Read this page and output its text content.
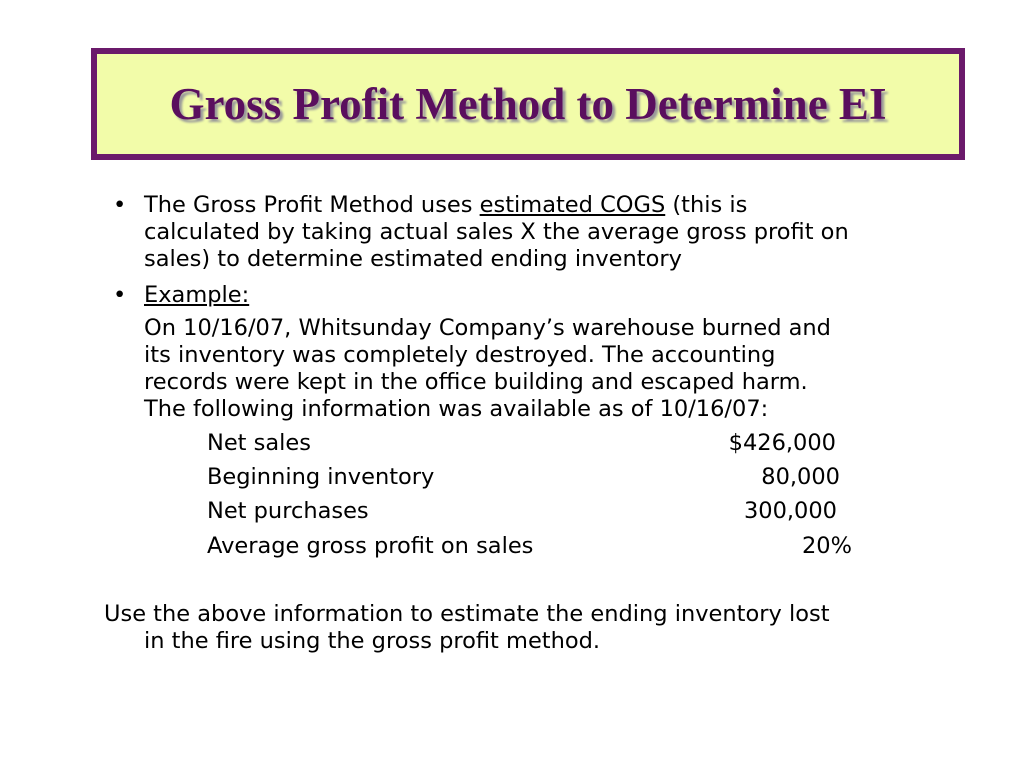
Gross Profit Method to Determine EI
• The Gross Profit Method uses estimated COGS (this is
calculated by taking actual sales X the average gross profit on
sales) to determine estimated ending inventory
• Example:
On 10/16/07, Whitsunday Company’s warehouse burned and
its inventory was completely destroyed. The accounting
records were kept in the office building and escaped harm.
The following information was available as of 10/16/07:
Net sales	$426,000
Beginning inventory	80,000
Net purchases	300,000
Average gross profit on sales	20%
Use the above information to estimate the ending inventory lost
in the fire using the gross profit method.
